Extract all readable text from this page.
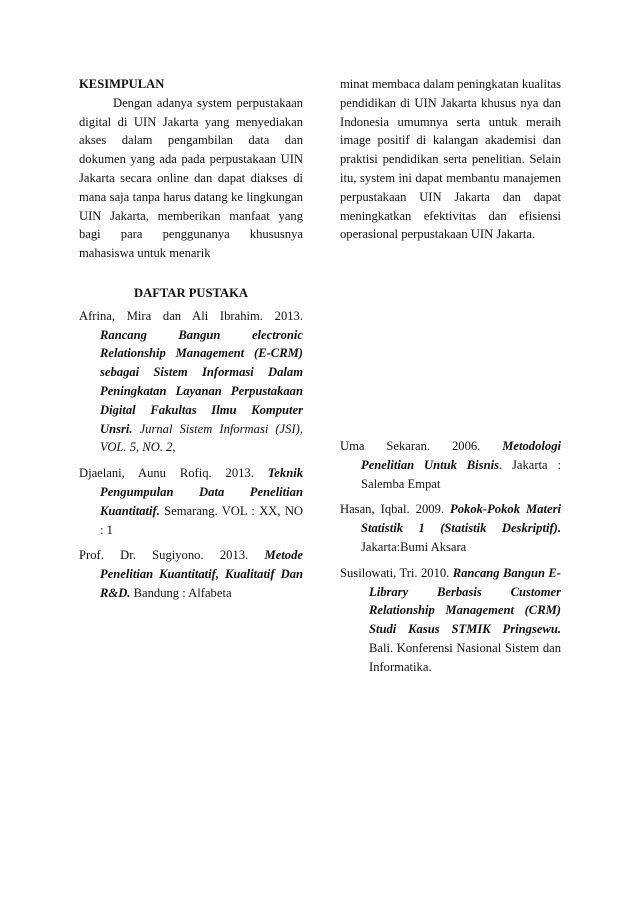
KESIMPULAN

Dengan adanya system perpustakaan digital di UIN Jakarta yang menyediakan akses dalam pengambilan data dan dokumen yang ada pada perpustakaan UIN Jakarta secara online dan dapat diakses di mana saja tanpa harus datang ke lingkungan UIN Jakarta, memberikan manfaat yang bagi para penggunanya khususnya mahasiswa untuk menarik

minat membaca dalam peningkatan kualitas pendidikan di UIN Jakarta khusus nya dan Indonesia umumnya serta untuk meraih image positif di kalangan akademisi dan praktisi pendidikan serta penelitian. Selain itu, system ini dapat membantu manajemen perpustakaan UIN Jakarta dan dapat meningkatkan efektivitas dan efisiensi operasional perpustakaan UIN Jakarta.

DAFTAR PUSTAKA

Afrina, Mira dan Ali Ibrahim. 2013. Rancang Bangun electronic Relationship Management (E-CRM) sebagai Sistem Informasi Dalam Peningkatan Layanan Perpustakaan Digital Fakultas Ilmu Komputer Unsri. Jurnal Sistem Informasi (JSI), VOL. 5, NO. 2,

Djaelani, Aunu Rofiq. 2013. Teknik Pengumpulan Data Penelitian Kuantitatif. Semarang. VOL : XX, NO : 1

Prof. Dr. Sugiyono. 2013. Metode Penelitian Kuantitatif, Kualitatif Dan R&D. Bandung : Alfabeta

Uma Sekaran. 2006. Metodologi Penelitian Untuk Bisnis. Jakarta : Salemba Empat

Hasan, Iqbal. 2009. Pokok-Pokok Materi Statistik 1 (Statistik Deskriptif). Jakarta:Bumi Aksara

Susilowati, Tri. 2010. Rancang Bangun E-Library Berbasis Customer Relationship Management (CRM) Studi Kasus STMIK Pringsewu. Bali. Konferensi Nasional Sistem dan Informatika.
